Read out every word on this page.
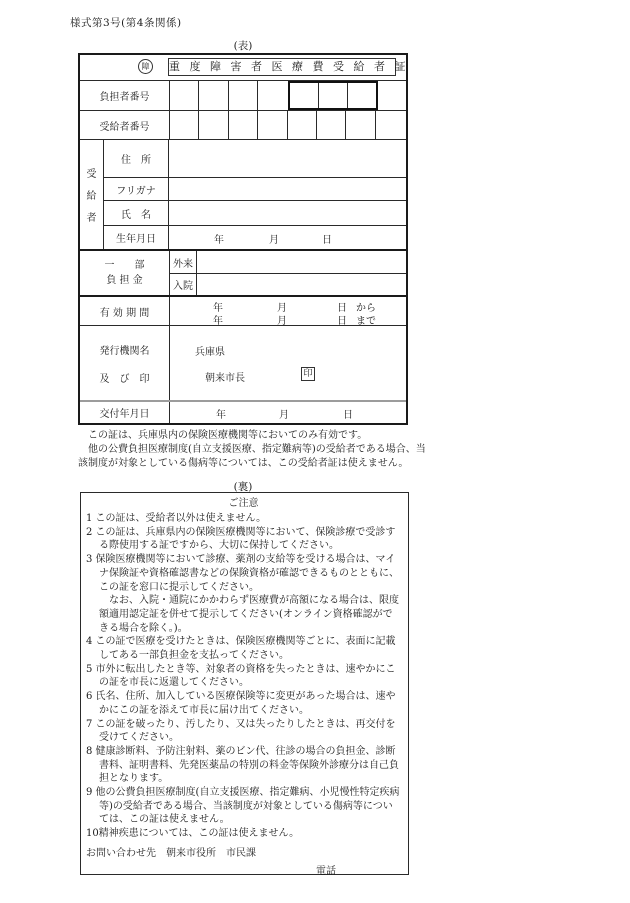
様式第3号(第4条関係)
(表)
障	重 度 障 害 者 医 療 費 受 給 者 証
負担者番号
受給者番号
受
給
者
住　所
フリガナ
氏　名
生年月日	年	月	日
一　　部
負 担 金
外来
入院
有 効 期 間	年	月	日 から
年	月	日 まで
発行機関名
及　び　印
兵庫県
朝来市長	印
交付年月日	年	月	日

この証は、兵庫県内の保険医療機関等においてのみ有効です。

他の公費負担医療制度(自立支援医療、指定難病等)の受給者である場合、当該制度が対象としている傷病等については、この受給者証は使えません。

(裏)
ご注意

1 この証は、受給者以外は使えません。

2 この証は、兵庫県内の保険医療機関等において、保険診療で受診する際使用する証ですから、大切に保持してください。

3 保険医療機関等において診療、薬剤の支給等を受ける場合は、マイナ保険証や資格確認書などの保険資格が確認できるものとともに、この証を窓口に提示してください。

なお、入院・通院にかかわらず医療費が高額になる場合は、限度額適用認定証を併せて提示してください(オンライン資格確認ができる場合を除く。)。

4 この証で医療を受けたときは、保険医療機関等ごとに、表面に記載してある一部負担金を支払ってください。

5 市外に転出したとき等、対象者の資格を失ったときは、速やかにこの証を市長に返還してください。

6 氏名、住所、加入している医療保険等に変更があった場合は、速やかにこの証を添えて市長に届け出てください。

7 この証を破ったり、汚したり、又は失ったりしたときは、再交付を受けてください。

8 健康診断料、予防注射料、薬のビン代、往診の場合の負担金、診断書料、証明書料、先発医薬品の特別の料金等保険外診療分は自己負担となります。

9 他の公費負担医療制度(自立支援医療、指定難病、小児慢性特定疾病等)の受給者である場合、当該制度が対象としている傷病等については、この証は使えません。

10精神疾患については、この証は使えません。

お問い合わせ先　朝来市役所　市民課

電話
